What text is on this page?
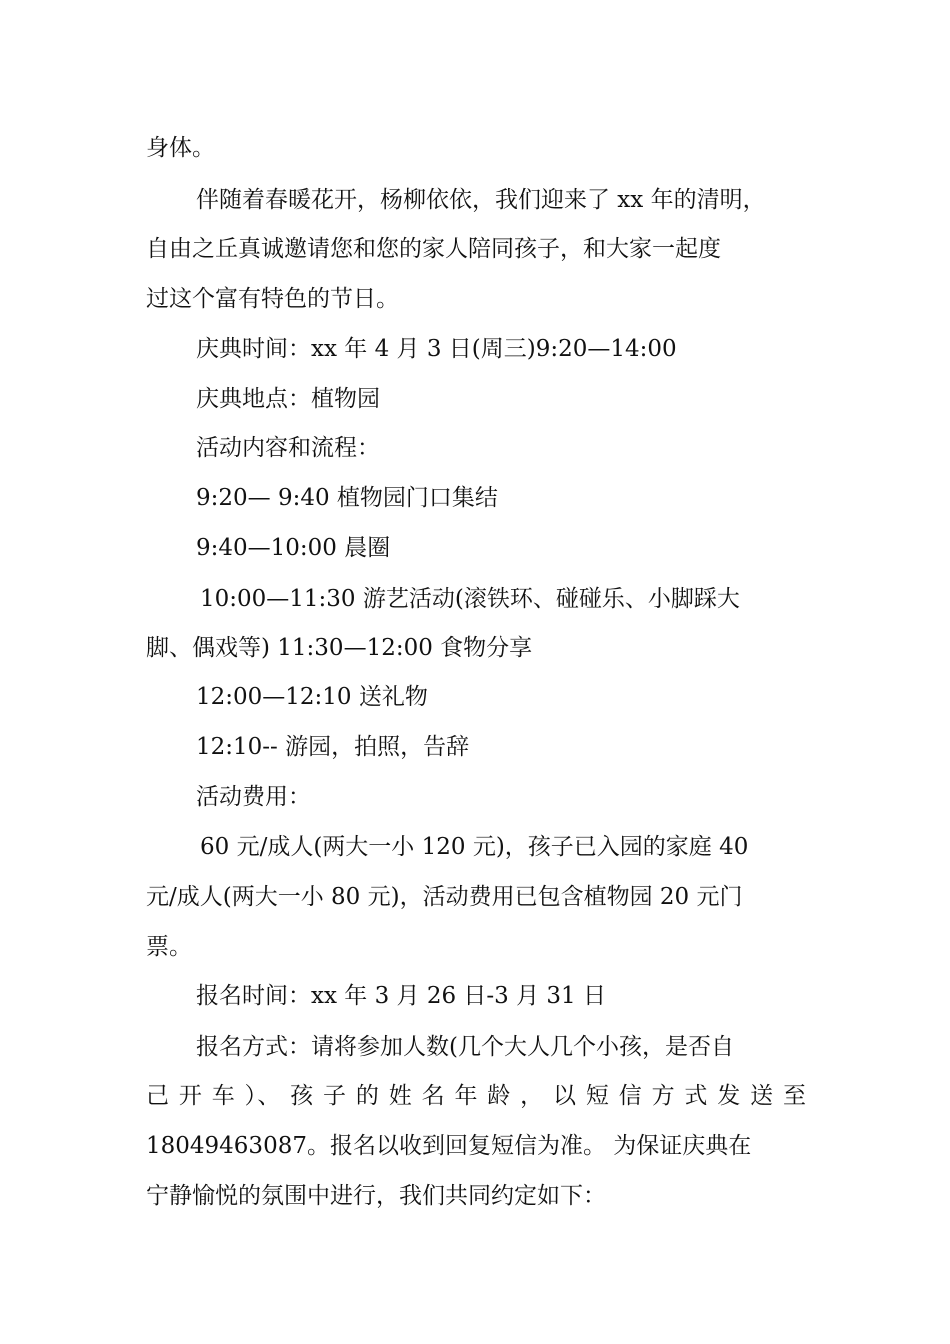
身体。
伴随着春暖花开，杨柳依依，我们迎来了 xx 年的清明，
自由之丘真诚邀请您和您的家人陪同孩子，和大家一起度
过这个富有特色的节日。
庆典时间：xx 年 4 月 3 日(周三)9:20—14:00
庆典地点：植物园
活动内容和流程：
9:20— 9:40 植物园门口集结
9:40—10:00 晨圈
10:00—11:30 游艺活动(滚铁环、碰碰乐、小脚踩大
脚、偶戏等) 11:30—12:00 食物分享
12:00—12:10 送礼物
12:10-- 游园，拍照，告辞
活动费用：
60 元/成人(两大一小 120 元)，孩子已入园的家庭 40
元/成人(两大一小 80 元)，活动费用已包含植物园 20 元门
票。
报名时间：xx 年 3 月 26 日-3 月 31 日
报名方式：请将参加人数(几个大人几个小孩，是否自
己 开 车 ）、 孩 子 的 姓 名 年 龄 ， 以 短 信 方 式 发 送 至
18049463087。报名以收到回复短信为准。 为保证庆典在
宁静愉悦的氛围中进行，我们共同约定如下：
